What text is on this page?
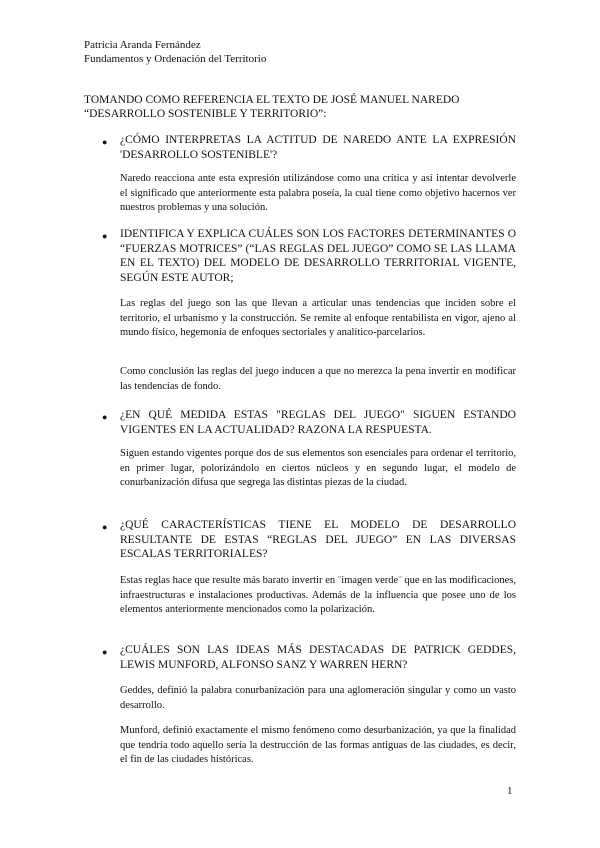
Patricia Aranda Fernández
Fundamentos y Ordenación del Territorio
TOMANDO COMO REFERENCIA EL TEXTO DE JOSÉ MANUEL NAREDO “DESARROLLO SOSTENIBLE Y TERRITORIO”:
● ¿CÓMO INTERPRETAS LA ACTITUD DE NAREDO ANTE LA EXPRESIÓN 'DESARROLLO SOSTENIBLE'?
Naredo reacciona ante esta expresión utilizándose como una crítica y así intentar devolverle el significado que anteriormente esta palabra poseía, la cual tiene como objetivo hacernos ver nuestros problemas y una solución.
● IDENTIFICA Y EXPLICA CUÁLES SON LOS FACTORES DETERMINANTES O “FUERZAS MOTRICES” (“LAS REGLAS DEL JUEGO” COMO SE LAS LLAMA EN EL TEXTO) DEL MODELO DE DESARROLLO TERRITORIAL VIGENTE, SEGÚN ESTE AUTOR;
Las reglas del juego son las que llevan a articular unas tendencias que inciden sobre el territorio, el urbanismo y la construcción. Se remite al enfoque rentabilista en vigor, ajeno al mundo físico, hegemonía de enfoques sectoriales y analítico-parcelarios.
Como conclusión las reglas del juego inducen a que no merezca la pena invertir en modificar las tendencias de fondo.
● ¿EN QUÉ MEDIDA ESTAS "REGLAS DEL JUEGO" SIGUEN ESTANDO VIGENTES EN LA ACTUALIDAD? RAZONA LA RESPUESTA.
Siguen estando vigentes porque dos de sus elementos son esenciales para ordenar el territorio, en primer lugar, polorizándolo en ciertos núcleos y en segundo lugar, el modelo de conurbanización difusa que segrega las distintas piezas de la ciudad.
● ¿QUÉ CARACTERÍSTICAS TIENE EL MODELO DE DESARROLLO RESULTANTE DE ESTAS “REGLAS DEL JUEGO” EN LAS DIVERSAS ESCALAS TERRITORIALES?
Estas reglas hace que resulte más barato invertir en ¨imagen verde¨ que en las modificaciones, infraestructuras e instalaciones productivas. Además de la influencia que posee uno de los elementos anteriormente mencionados como la polarización.
● ¿CUÁLES SON LAS IDEAS MÁS DESTACADAS DE PATRICK GEDDES, LEWIS MUNFORD, ALFONSO SANZ Y WARREN HERN?
Geddes, definió la palabra conurbanización para una aglomeración singular y como un vasto desarrollo.
Munford, definió exactamente el mismo fenómeno como desurbanización, ya que la finalidad que tendría todo aquello sería la destrucción de las formas antiguas de las ciudades, es decir, el fin de las ciudades históricas.
1
